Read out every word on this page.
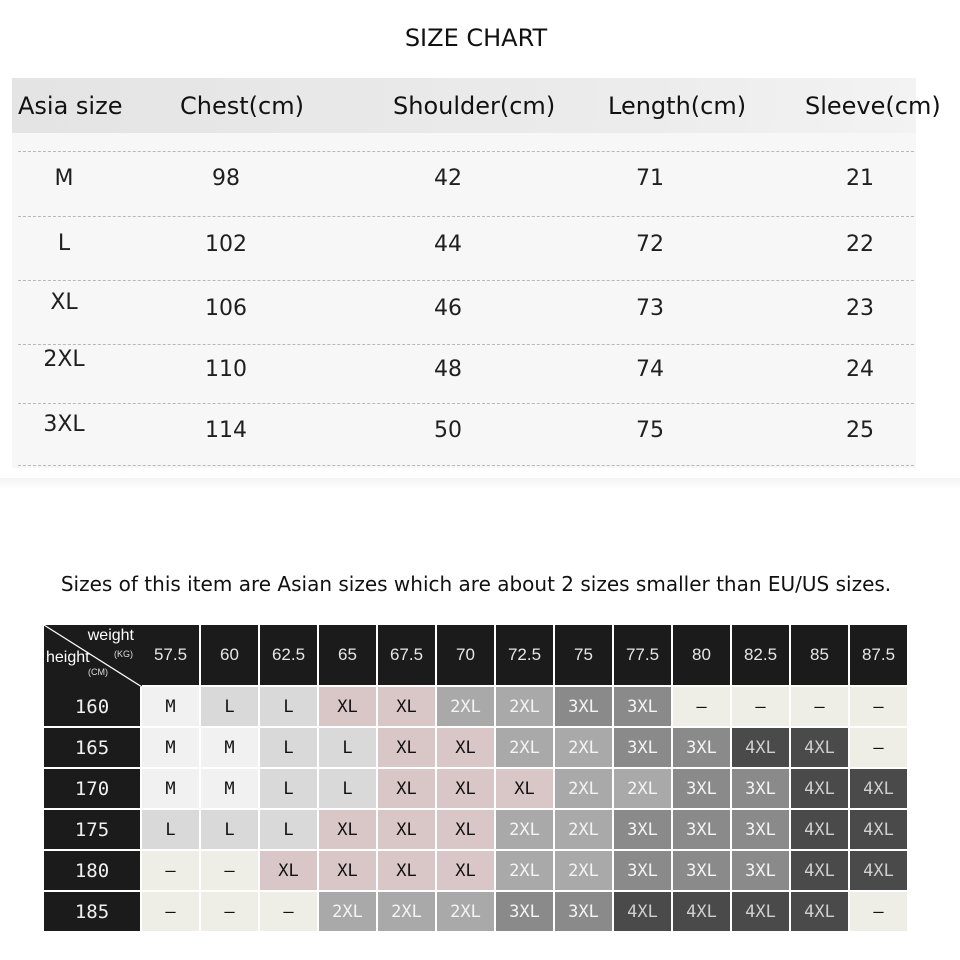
SIZE CHART
Asia size Chest(cm)	Shoulder(cm) Length(cm) Sleeve(cm)
M	98	42	71	21
L	102	44	72	22
XL	106	46	73	23
2XL	110	48	74	24
3XL	114	50	75	25
Sizes of this item are Asian sizes which are about 2 sizes smaller than EU/US sizes.
weight
(KG)
height
(CM)
57.5	60	62.5	65	67.5	70	72.5	75	77.5	80	82.5	85	87.5
160	M	L	L	XL	XL	2XL	2XL	3XL	3XL	–	–	–	–
165	M	M	L	L	XL	XL	2XL	2XL	3XL	3XL	4XL	4XL	–
170	M	M	L	L	XL	XL	XL	2XL	2XL	3XL	3XL	4XL	4XL
175	L	L	L	XL	XL	XL	2XL	2XL	3XL	3XL	3XL	4XL	4XL
180	–	–	XL	XL	XL	XL	2XL	2XL	3XL	3XL	3XL	4XL	4XL
185	–	–	–	2XL	2XL	2XL	3XL	3XL	4XL	4XL	4XL	4XL	–
